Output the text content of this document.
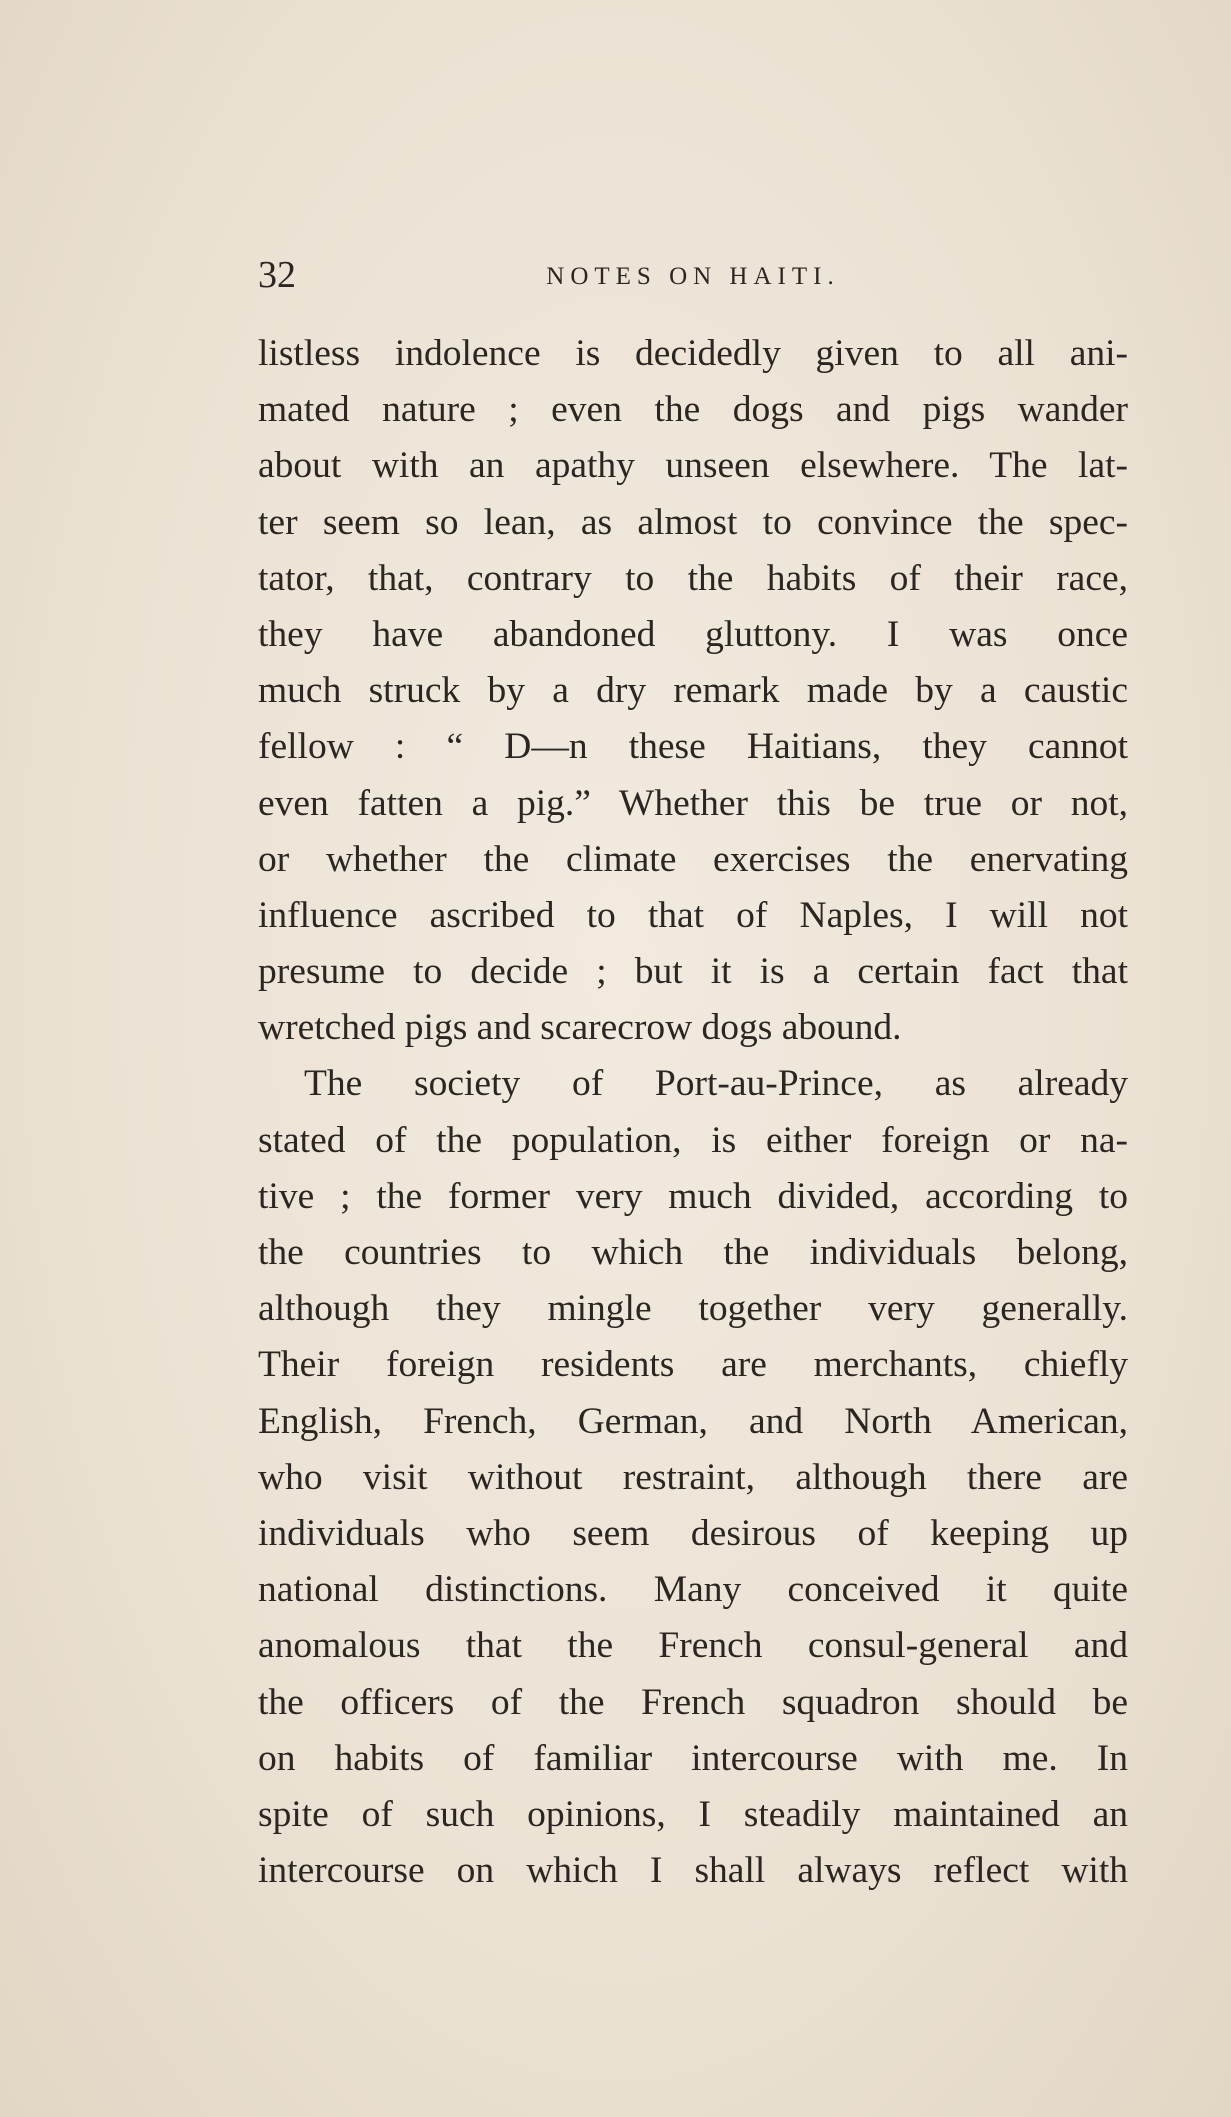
32	NOTES ON HAITI.
listless indolence is decidedly given to all ani-
mated nature ; even the dogs and pigs wander
about with an apathy unseen elsewhere. The lat-
ter seem so lean, as almost to convince the spec-
tator, that, contrary to the habits of their race,
they have abandoned gluttony. I was once
much struck by a dry remark made by a caustic
fellow : “ D—n these Haitians, they cannot
even fatten a pig.” Whether this be true or not,
or whether the climate exercises the enervating
influence ascribed to that of Naples, I will not
presume to decide ; but it is a certain fact that
wretched pigs and scarecrow dogs abound.
The society of Port-au-Prince, as already
stated of the population, is either foreign or na-
tive ; the former very much divided, according to
the countries to which the individuals belong,
although they mingle together very generally.
Their foreign residents are merchants, chiefly
English, French, German, and North American,
who visit without restraint, although there are
individuals who seem desirous of keeping up
national distinctions. Many conceived it quite
anomalous that the French consul-general and
the officers of the French squadron should be
on habits of familiar intercourse with me. In
spite of such opinions, I steadily maintained an
intercourse on which I shall always reflect with
